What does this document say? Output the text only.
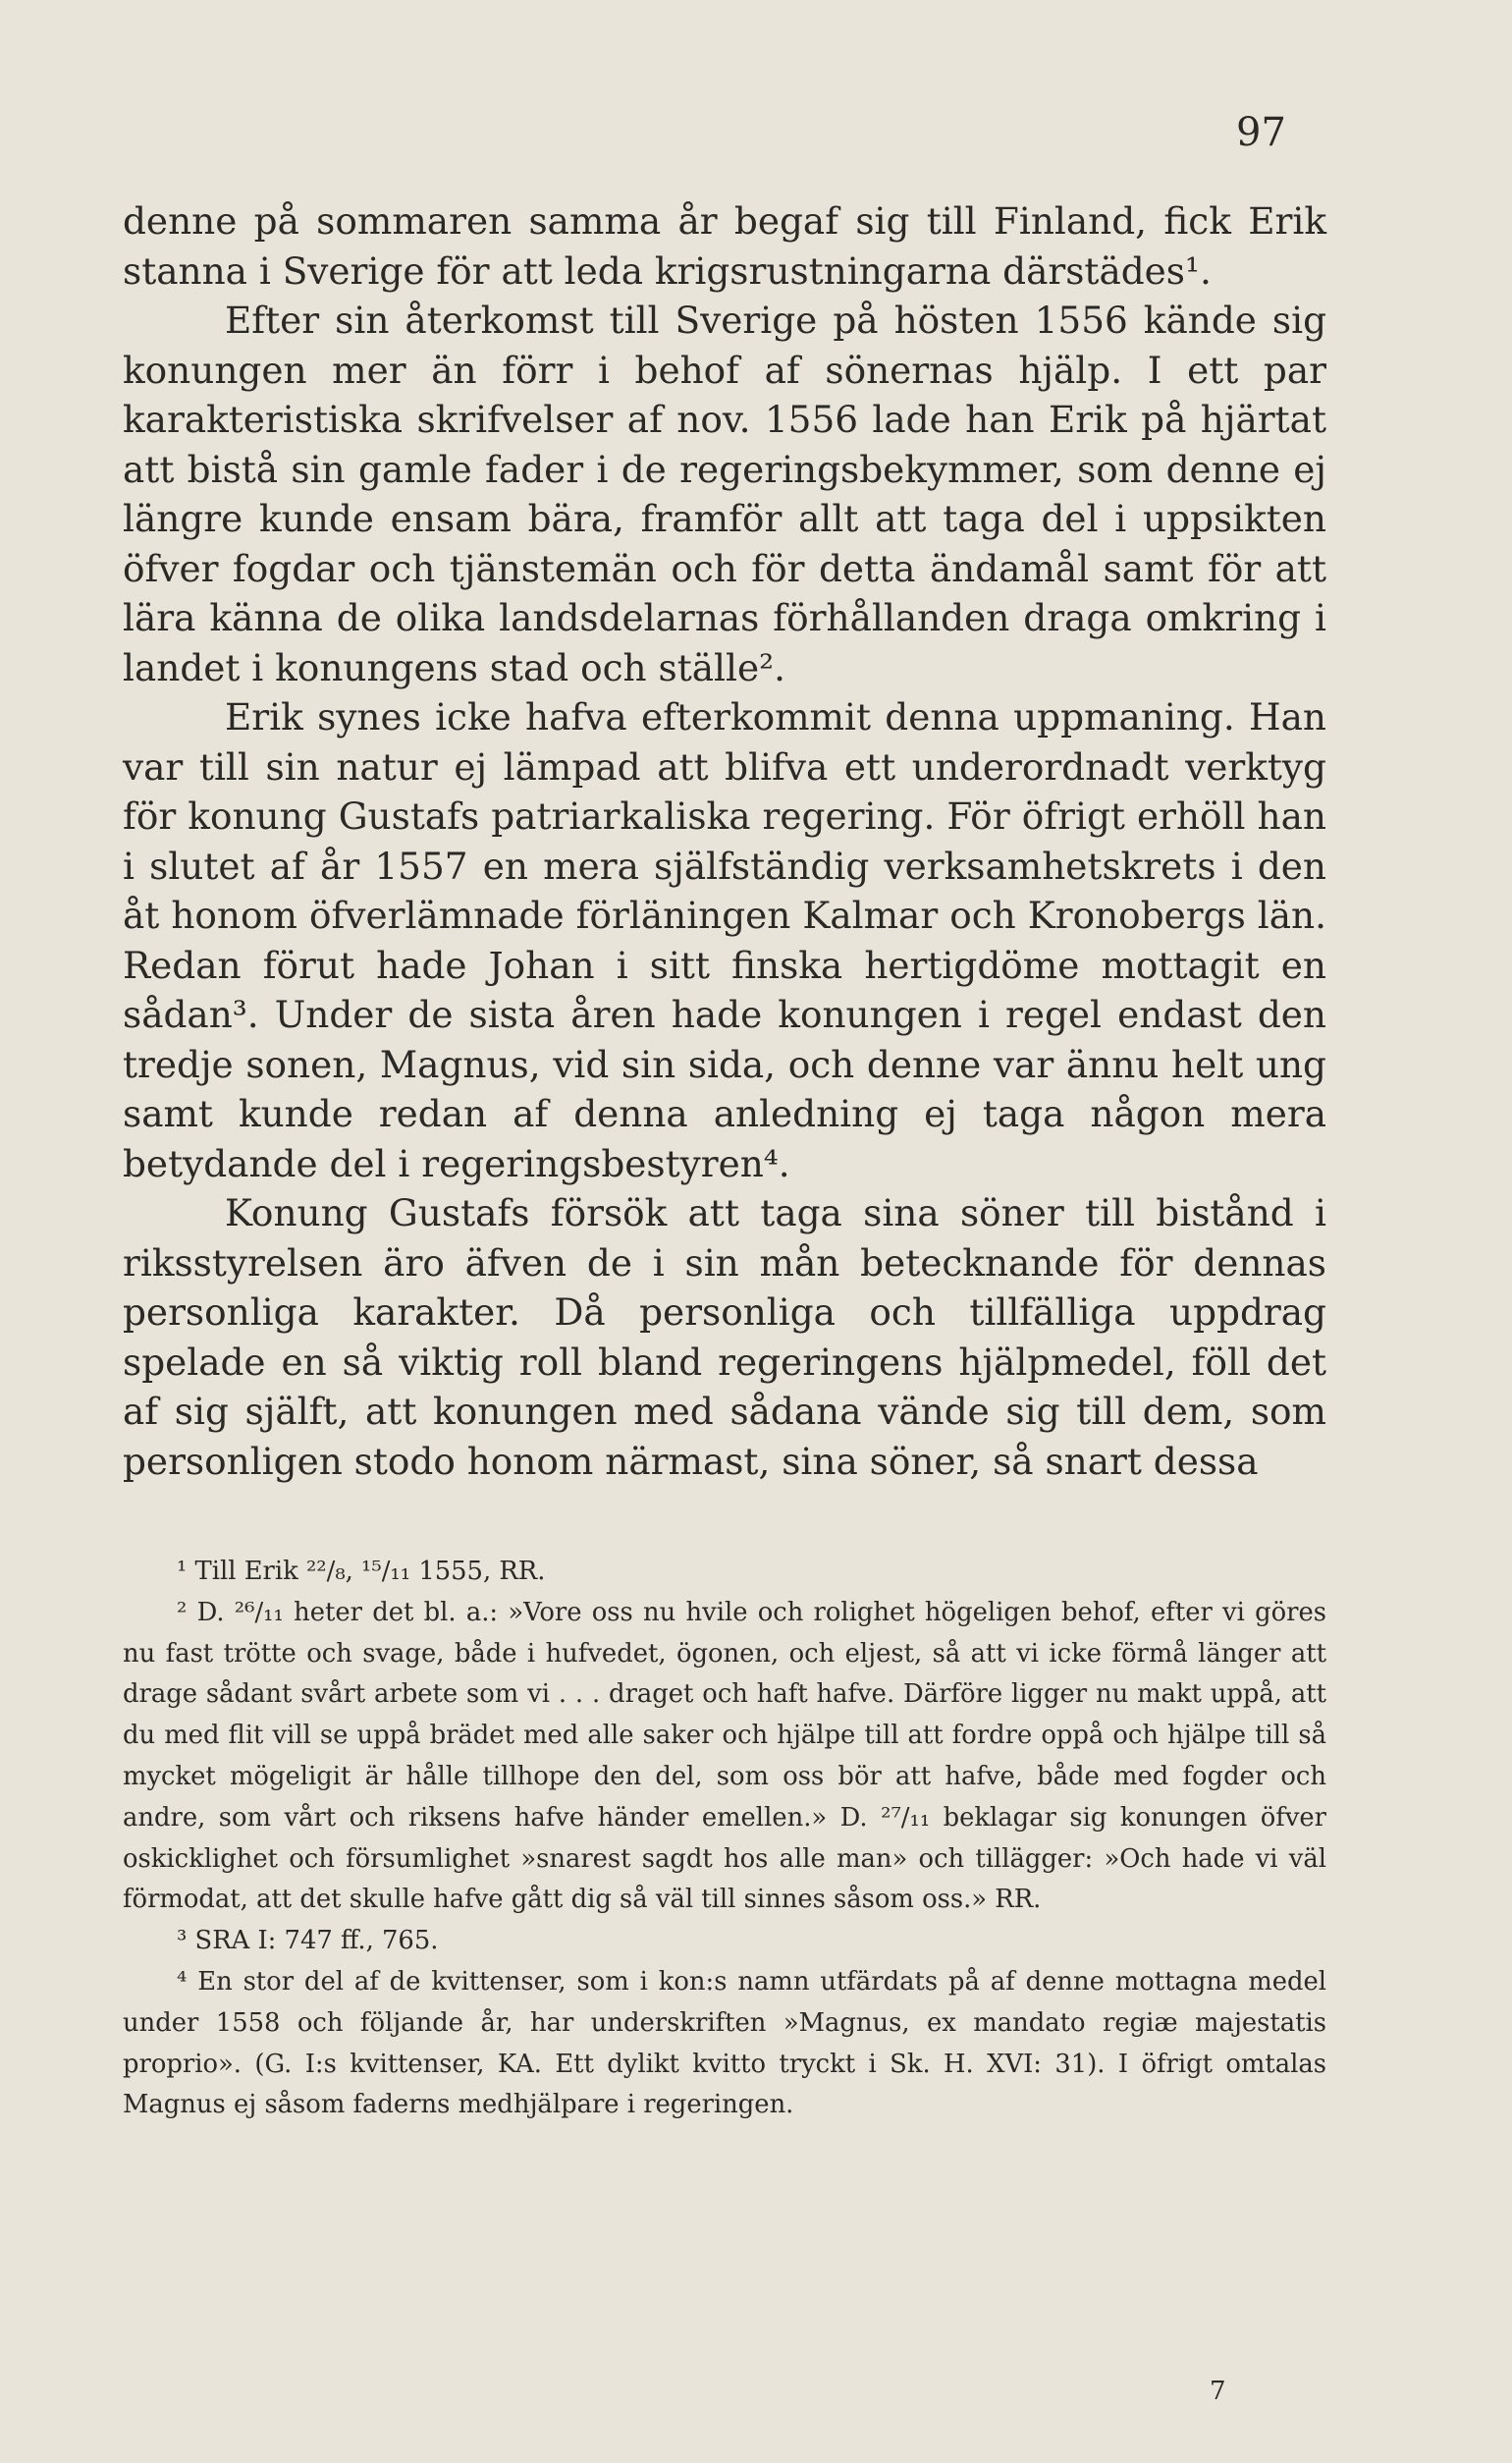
97

denne på sommaren samma år begaf sig till Finland, fick Erik stanna i Sverige för att leda krigsrustningarna därstädes¹.

Efter sin återkomst till Sverige på hösten 1556 kände sig konungen mer än förr i behof af sönernas hjälp. I ett par karakteristiska skrifvelser af nov. 1556 lade han Erik på hjärtat att bistå sin gamle fader i de regeringsbekymmer, som denne ej längre kunde ensam bära, framför allt att taga del i uppsikten öfver fogdar och tjänstemän och för detta ändamål samt för att lära känna de olika landsdelarnas förhållanden draga omkring i landet i konungens stad och ställe².

Erik synes icke hafva efterkommit denna uppmaning. Han var till sin natur ej lämpad att blifva ett underordnadt verktyg för konung Gustafs patriarkaliska regering. För öfrigt erhöll han i slutet af år 1557 en mera själfständig verksamhetskrets i den åt honom öfverlämnade förläningen Kalmar och Kronobergs län. Redan förut hade Johan i sitt finska hertigdöme mottagit en sådan³. Under de sista åren hade konungen i regel endast den tredje sonen, Magnus, vid sin sida, och denne var ännu helt ung samt kunde redan af denna anledning ej taga någon mera betydande del i regeringsbestyren⁴.

Konung Gustafs försök att taga sina söner till bistånd i riksstyrelsen äro äfven de i sin mån betecknande för dennas personliga karakter. Då personliga och tillfälliga uppdrag spelade en så viktig roll bland regeringens hjälpmedel, föll det af sig själft, att konungen med sådana vände sig till dem, som personligen stodo honom närmast, sina söner, så snart dessa

¹ Till Erik ²²/₈, ¹⁵/₁₁ 1555, RR.

² D. ²⁶/₁₁ heter det bl. a.: »Vore oss nu hvile och rolighet högeligen behof, efter vi göres nu fast trötte och svage, både i hufvedet, ögonen, och eljest, så att vi icke förmå länger att drage sådant svårt arbete som vi . . . draget och haft hafve. Därföre ligger nu makt uppå, att du med flit vill se uppå brädet med alle saker och hjälpe till att fordre oppå och hjälpe till så mycket mögeligit är hålle tillhope den del, som oss bör att hafve, både med fogder och andre, som vårt och riksens hafve händer emellen.» D. ²⁷/₁₁ beklagar sig konungen öfver oskicklighet och försumlighet »snarest sagdt hos alle man» och tillägger: »Och hade vi väl förmodat, att det skulle hafve gått dig så väl till sinnes såsom oss.» RR.

³ SRA I: 747 ff., 765.

⁴ En stor del af de kvittenser, som i kon:s namn utfärdats på af denne mottagna medel under 1558 och följande år, har underskriften »Magnus, ex mandato regiæ majestatis proprio». (G. I:s kvittenser, KA. Ett dylikt kvitto tryckt i Sk. H. XVI: 31). I öfrigt omtalas Magnus ej såsom faderns medhjälpare i regeringen.

7
